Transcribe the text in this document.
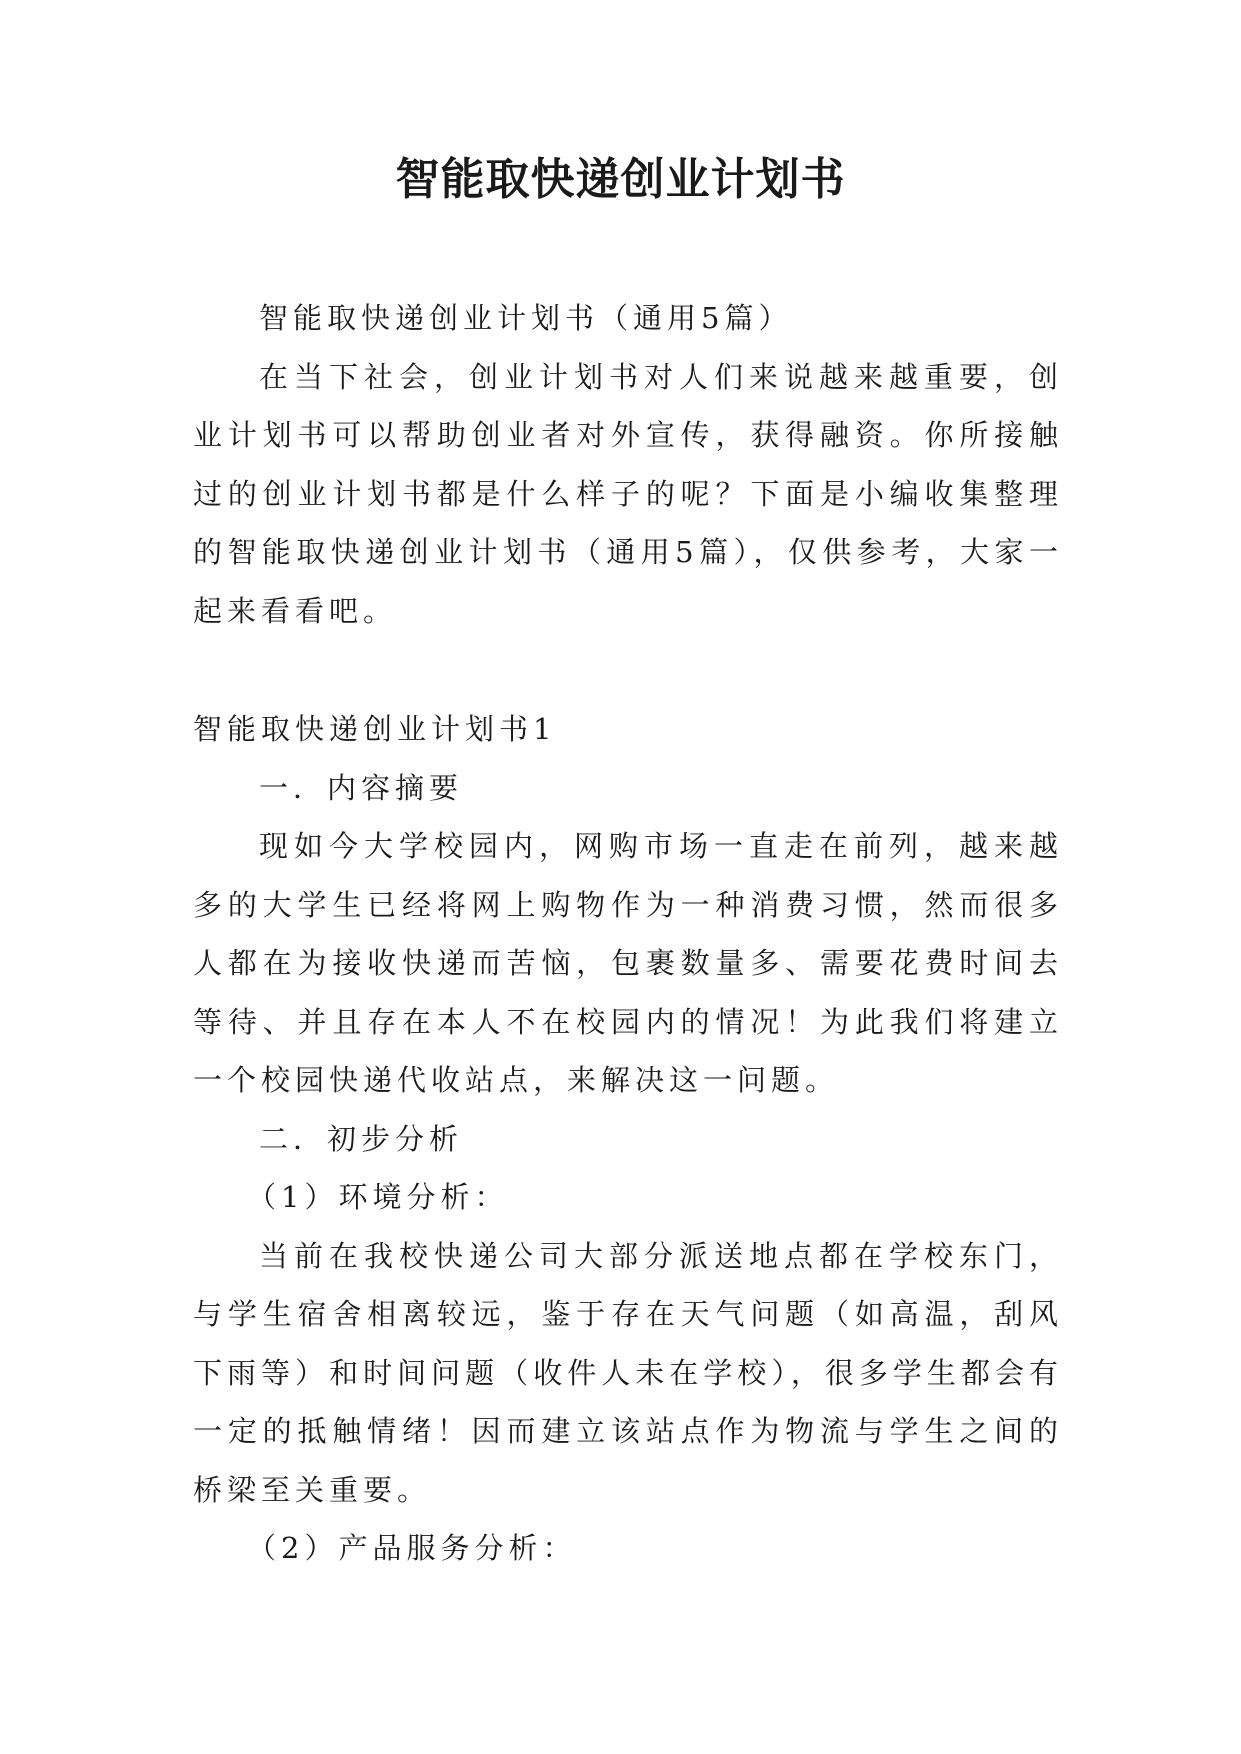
智能取快递创业计划书

智能取快递创业计划书（通用5篇）

在当下社会，创业计划书对人们来说越来越重要，创业计划书可以帮助创业者对外宣传，获得融资。你所接触过的创业计划书都是什么样子的呢？下面是小编收集整理的智能取快递创业计划书（通用5篇），仅供参考，大家一起来看看吧。

智能取快递创业计划书1

一．内容摘要

现如今大学校园内，网购市场一直走在前列，越来越多的大学生已经将网上购物作为一种消费习惯，然而很多人都在为接收快递而苦恼，包裹数量多、需要花费时间去等待、并且存在本人不在校园内的情况！为此我们将建立一个校园快递代收站点，来解决这一问题。

二．初步分析

（1）环境分析：

当前在我校快递公司大部分派送地点都在学校东门，与学生宿舍相离较远，鉴于存在天气问题（如高温，刮风下雨等）和时间问题（收件人未在学校），很多学生都会有一定的抵触情绪！因而建立该站点作为物流与学生之间的桥梁至关重要。

（2）产品服务分析：
